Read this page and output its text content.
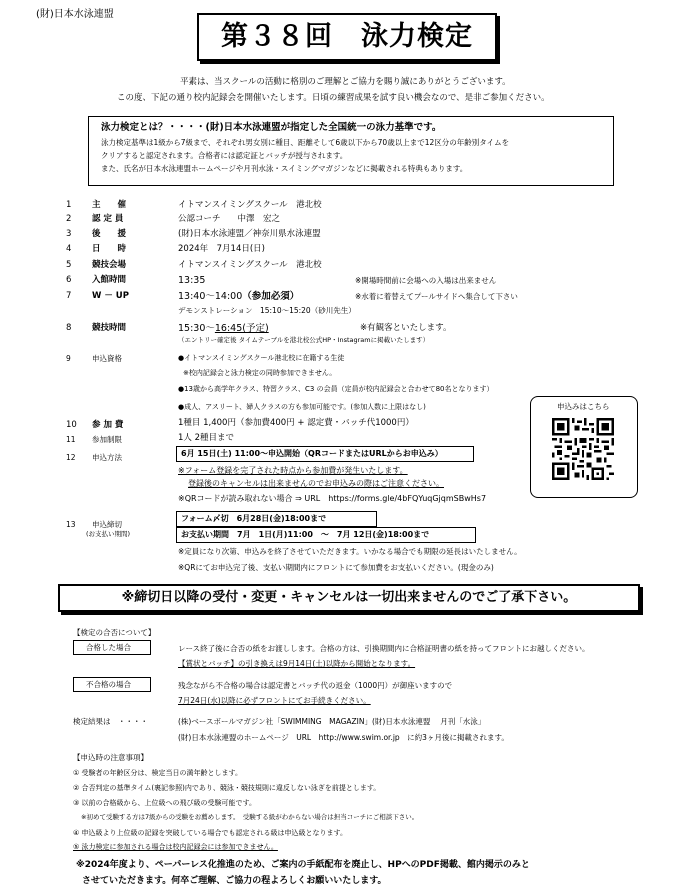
(財)日本水泳連盟
第３８回　泳力検定
平素は、当スクールの活動に格別のご理解とご協力を賜り誠にありがとうございます。
この度、下記の通り校内記録会を開催いたします。日頃の練習成果を試す良い機会なので、是非ご参加ください。
泳力検定とは？・・・・(財)日本水泳連盟が指定した全国統一の泳力基準です。
泳力検定基準は1級から7級まで、それぞれ男女別に種目、距離そして6歳以下から70歳以上まで12区分の年齢別タイムを
クリアすると認定されます。合格者には認定証とバッチが授与されます。
また、氏名が日本水泳連盟ホームページや月刊水泳・スイミングマガジンなどに掲載される特典もあります。
1 主　　催	イトマンスイミングスクール　港北校
2 認 定 員	公認コーチ　　中澤　宏之
3 後　　援	(財)日本水泳連盟／神奈川県水泳連盟
4 日　　時	2024年　7月14日(日)
5 競技会場	イトマンスイミングスクール　港北校
6 入館時間	13:35	※開場時間前に会場への入場は出来ません
7 W － UP	13:40～14:00（参加必須）	※水着に着替えてプールサイドへ集合して下さい
デモンストレーション　15:10～15:20（砂川先生）
8 競技時間	15:30～16:45(予定)	※有観客といたします。
（エントリー確定後 タイムテーブルを港北校公式HP・Instagramに掲載いたします）
9	申込資格	●イトマンスイミングスクール港北校に在籍する生徒
※校内記録会と泳力検定の同時参加できません。
●13歳から高学年クラス、特習クラス、C3 の会員（定員が校内記録会と合わせて80名となります）
●成人、アスリート、婦人クラスの方も参加可能です。(参加人数に上限はなし)	申込みはこちら
10 参 加 費	1種目 1,400円（参加費400円 + 認定費・バッチ代1000円）
11 参加制限	1人 2種目まで
12 申込方法	6月 15日(土) 11:00～申込開始（QRコードまたはURLからお申込み）
※フォーム登録を完了された時点から参加費が発生いたします。
登録後のキャンセルは出来ませんのでお申込みの際はご注意ください。
※QRコードが読み取れない場合 ⇒ URL　https://forms.gle/4bFQYuqGjqmSBwHs7
13 申込締切
(お支払い期間)
フォーム〆切　6月28日(金)18:00まで
お支払い期間　7月　1日(月)11:00　～　7月 12日(金)18:00まで
※定員になり次第、申込みを終了させていただきます。いかなる場合でも期限の延長はいたしません。
※QRにてお申込完了後、支払い期間内にフロントにて参加費をお支払いください。(現金のみ)
※締切日以降の受付・変更・キャンセルは一切出来ませんのでご了承下さい。
【検定の合否について】
合格した場合	レース終了後に合否の紙をお渡しします。合格の方は、引換期間内に合格証明書の紙を持ってフロントにお越しください。
【賞状とバッチ】の引き換えは9月14日(土)以降から開始となります。
不合格の場合	残念ながら不合格の場合は認定書とバッチ代の返金（1000円）が御座いますので
7月24日(水)以降に必ずフロントにてお手続きください。
検定結果は　・・・・	(株)ベースボールマガジン社「SWIMMING　MAGAZIN」(財)日本水泳連盟　 月刊「水泳」
(財)日本水泳連盟のホームページ　URL　http://www.swim.or.jp　に約3ヶ月後に掲載されます。
【申込時の注意事項】
① 受験者の年齢区分は、検定当日の満年齢とします。
② 合否判定の基準タイム(裏記参照)内であり、競泳・競技規則に違反しない泳ぎを前提とします。
③ 以前の合格級から、上位級への飛び級の受験可能です。
※初めて受験する方は7級からの受験をお薦めします。　受験する級がわからない場合は担当コーチにご相談下さい。
④ 申込級より上位級の記録を突破している場合でも認定される級は申込級となります。
⑤ 泳力検定に参加される場合は校内記録会には参加できません。
※2024年度より、ペーパーレス化推進のため、ご案内の手紙配布を廃止し、HPへのPDF掲載、館内掲示のみと
させていただきます。何卒ご理解、ご協力の程よろしくお願いいたします。
